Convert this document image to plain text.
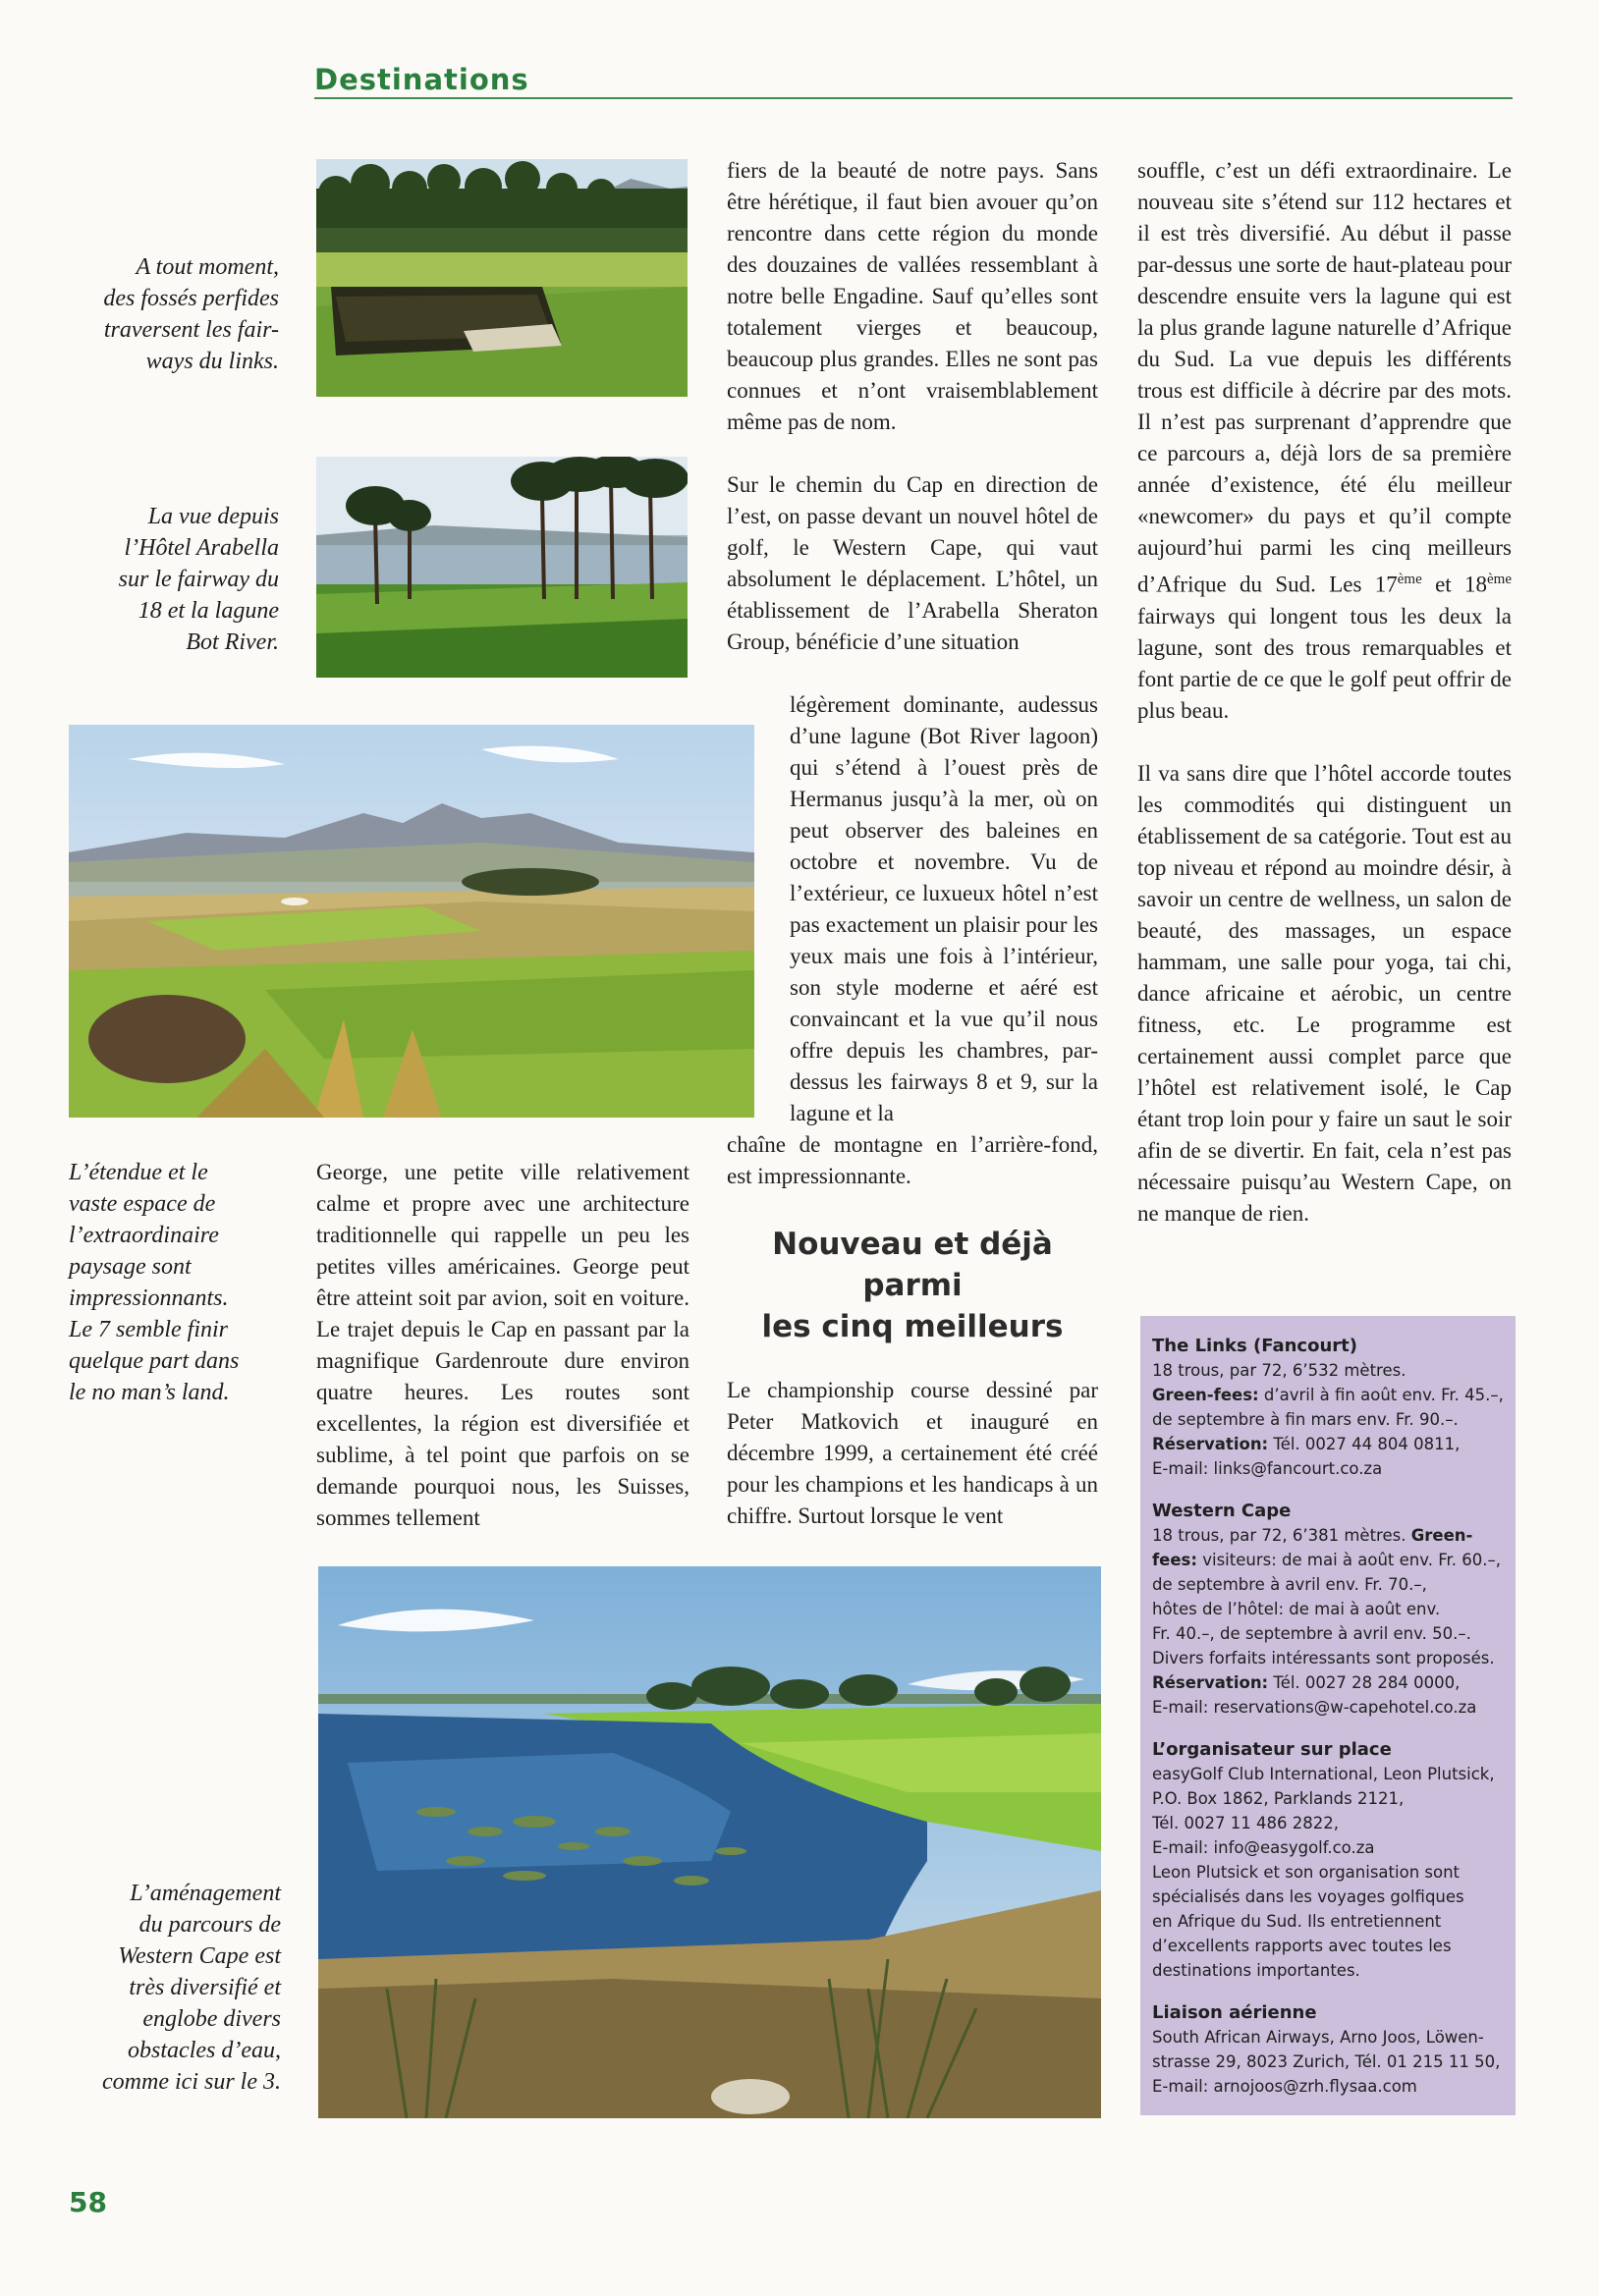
Destinations
A tout moment,
des fossés perfides
traversent les fair-
ways du links.
La vue depuis
l’Hôtel Arabella
sur le fairway du
18 et la lagune
Bot River.
L’étendue et le
vaste espace de
l’extraordinaire
paysage sont
impressionnants.
Le 7 semble finir
quelque part dans
le no man’s land.
L’aménagement
du parcours de
Western Cape est
très diversifié et
englobe divers
obstacles d’eau,
comme ici sur le 3.

George, une petite ville relativement calme et propre avec une architecture traditionnelle qui rappelle un peu les petites villes américaines. George peut être atteint soit par avion, soit en voiture. Le trajet depuis le Cap en passant par la magnifique Gardenroute dure environ quatre heures. Les routes sont excellentes, la région est diversifiée et sublime, à tel point que parfois on se demande pourquoi nous, les Suisses, sommes tellement

fiers de la beauté de notre pays. Sans être hérétique, il faut bien avouer qu’on rencontre dans cette région du monde des douzaines de vallées ressemblant à notre belle Engadine. Sauf qu’elles sont totalement vierges et beaucoup, beaucoup plus grandes. Elles ne sont pas connues et n’ont vraisemblablement même pas de nom.

Sur le chemin du Cap en direction de l’est, on passe devant un nouvel hôtel de golf, le Western Cape, qui vaut absolument le déplacement. L’hôtel, un établissement de l’Arabella Sheraton Group, bénéficie d’une situation

légèrement dominante, audessus d’une lagune (Bot River lagoon) qui s’étend à l’ouest près de Hermanus jusqu’à la mer, où on peut observer des baleines en octobre et novembre. Vu de l’extérieur, ce luxueux hôtel n’est pas exactement un plaisir pour les yeux mais une fois à l’intérieur, son style moderne et aéré est convaincant et la vue qu’il nous offre depuis les chambres, par-dessus les fairways 8 et 9, sur la lagune et la

chaîne de montagne en l’arrière-fond, est impressionnante.

Nouveau et déjà parmi
les cinq meilleurs

Le championship course dessiné par Peter Matkovich et inauguré en décembre 1999, a certainement été créé pour les champions et les handicaps à un chiffre. Surtout lorsque le vent

souffle, c’est un défi extraordinaire. Le nouveau site s’étend sur 112 hectares et il est très diversifié. Au début il passe par-dessus une sorte de haut-plateau pour descendre ensuite vers la lagune qui est la plus grande lagune naturelle d’Afrique du Sud. La vue depuis les différents trous est difficile à décrire par des mots. Il n’est pas surprenant d’apprendre que ce parcours a, déjà lors de sa première année d’existence, été élu meilleur «newcomer» du pays et qu’il compte aujourd’hui parmi les cinq meilleurs d’Afrique du Sud. Les 17ème et 18ème fairways qui longent tous les deux la lagune, sont des trous remarquables et font partie de ce que le golf peut offrir de plus beau.

Il va sans dire que l’hôtel accorde toutes les commodités qui distinguent un établissement de sa catégorie. Tout est au top niveau et répond au moindre désir, à savoir un centre de wellness, un salon de beauté, des massages, un espace hammam, une salle pour yoga, tai chi, dance africaine et aérobic, un centre fitness, etc. Le programme est certainement aussi complet parce que l’hôtel est relativement isolé, le Cap étant trop loin pour y faire un saut le soir afin de se divertir. En fait, cela n’est pas nécessaire puisqu’au Western Cape, on ne manque de rien.

The Links (Fancourt)
18 trous, par 72, 6’532 mètres.
Green-fees: d’avril à fin août env. Fr. 45.–,
de septembre à fin mars env. Fr. 90.–.
Réservation: Tél. 0027 44 804 0811,
E-mail: links@fancourt.co.za
Western Cape
18 trous, par 72, 6’381 mètres. Green-
fees: visiteurs: de mai à août env. Fr. 60.–,
de septembre à avril env. Fr. 70.–,
hôtes de l’hôtel: de mai à août env.
Fr. 40.–, de septembre à avril env. 50.–.
Divers forfaits intéressants sont proposés.
Réservation: Tél. 0027 28 284 0000,
E-mail: reservations@w-capehotel.co.za
L’organisateur sur place
easyGolf Club International, Leon Plutsick,
P.O. Box 1862, Parklands 2121,
Tél. 0027 11 486 2822,
E-mail: info@easygolf.co.za
Leon Plutsick et son organisation sont
spécialisés dans les voyages golfiques
en Afrique du Sud. Ils entretiennent
d’excellents rapports avec toutes les
destinations importantes.
Liaison aérienne
South African Airways, Arno Joos, Löwen-
strasse 29, 8023 Zurich, Tél. 01 215 11 50,
E-mail: arnojoos@zrh.flysaa.com
58
